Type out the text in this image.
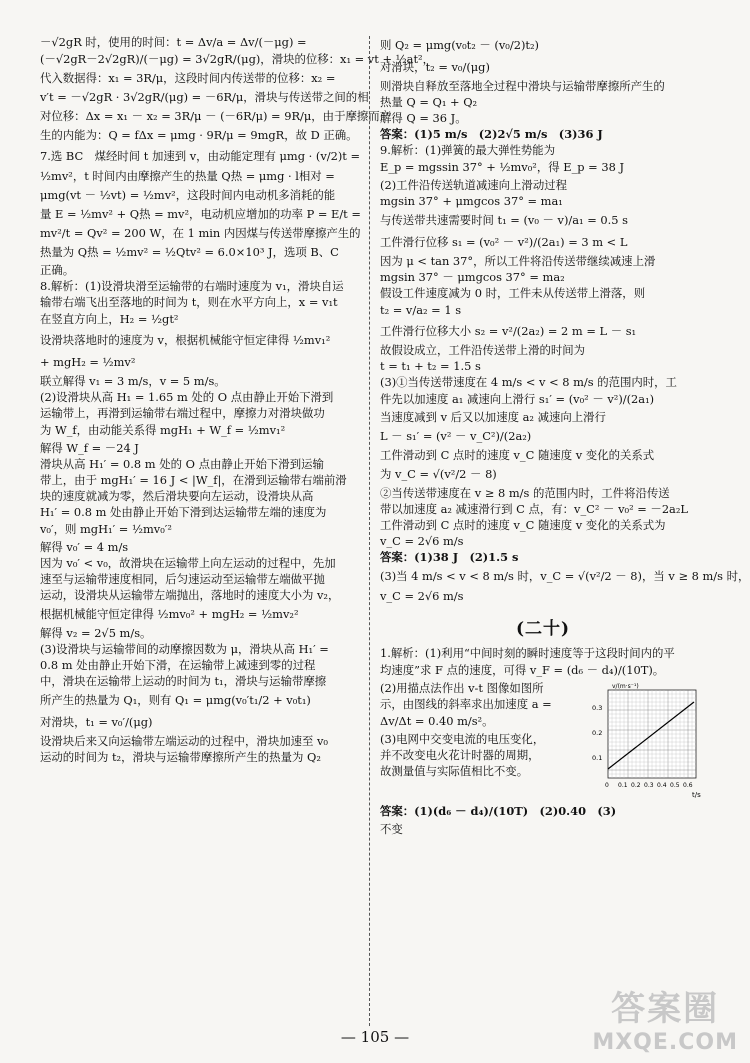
－√2gR 时，使用的时间：t = Δv/a = Δv/(－μg) =
(－√2gR－2√2gR)/(－μg) = 3√2gR/(μg)，滑块的位移：x₁ = vt + ½at²，
代入数据得：x₁ = 3R/μ，这段时间内传送带的位移：x₂ =
v′t = －√2gR · 3√2gR/(μg) = －6R/μ，滑块与传送带之间的相
对位移：Δx = x₁ － x₂ = 3R/μ － (－6R/μ) = 9R/μ，由于摩擦而产
生的内能为：Q = fΔx = μmg · 9R/μ = 9mgR，故 D 正确。
7.选 BC　煤经时间 t 加速到 v，由动能定理有 μmg · (v/2)t =
½mv²，t 时间内由摩擦产生的热量 Q热 = μmg · l相对 =
μmg(vt － ½vt) = ½mv²，这段时间内电动机多消耗的能
量 E = ½mv² + Q热 = mv²，电动机应增加的功率 P = E/t =
mv²/t = Qv² = 200 W，在 1 min 内因煤与传送带摩擦产生的
热量为 Q热 = ½mv² = ½Qtv² = 6.0×10³ J，选项 B、C
正确。
8.解析：(1)设滑块滑至运输带的右端时速度为 v₁，滑块自运
输带右端飞出至落地的时间为 t，则在水平方向上，x = v₁t
在竖直方向上，H₂ = ½gt²
设滑块落地时的速度为 v，根据机械能守恒定律得 ½mv₁²
+ mgH₂ = ½mv²
联立解得 v₁ = 3 m/s，v = 5 m/s。
(2)设滑块从高 H₁ = 1.65 m 处的 O 点由静止开始下滑到
运输带上，再滑到运输带右端过程中，摩擦力对滑块做功
为 W_f，由动能关系得 mgH₁ + W_f = ½mv₁²
解得 W_f = －24 J
滑块从高 H₁′ = 0.8 m 处的 O 点由静止开始下滑到运输
带上，由于 mgH₁′ = 16 J < |W_f|，在滑到运输带右端前滑
块的速度就减为零，然后滑块要向左运动，设滑块从高
H₁′ = 0.8 m 处由静止开始下滑到达运输带左端的速度为
v₀′，则 mgH₁′ = ½mv₀′²
解得 v₀′ = 4 m/s
因为 v₀′ < v₀，故滑块在运输带上向左运动的过程中，先加
速至与运输带速度相同，后匀速运动至运输带左端做平抛
运动，设滑块从运输带左端抛出，落地时的速度大小为 v₂，
根据机械能守恒定律得 ½mv₀² + mgH₂ = ½mv₂²
解得 v₂ = 2√5 m/s。
(3)设滑块与运输带间的动摩擦因数为 μ，滑块从高 H₁′ =
0.8 m 处由静止开始下滑，在运输带上减速到零的过程
中，滑块在运输带上运动的时间为 t₁，滑块与运输带摩擦
所产生的热量为 Q₁，则有 Q₁ = μmg(v₀′t₁/2 + v₀t₁)
对滑块，t₁ = v₀′/(μg)
设滑块后来又向运输带左端运动的过程中，滑块加速至 v₀
运动的时间为 t₂，滑块与运输带摩擦所产生的热量为 Q₂
则 Q₂ = μmg(v₀t₂ － (v₀/2)t₂)
对滑块，t₂ = v₀/(μg)
则滑块自释放至落地全过程中滑块与运输带摩擦所产生的
热量 Q = Q₁ + Q₂
解得 Q = 36 J。
答案：(1)5 m/s　(2)2√5 m/s　(3)36 J
9.解析：(1)弹簧的最大弹性势能为
E_p = mgssin 37° + ½mv₀²，得 E_p = 38 J
(2)工件沿传送轨道减速向上滑动过程
mgsin 37° + μmgcos 37° = ma₁
与传送带共速需要时间 t₁ = (v₀ － v)/a₁ = 0.5 s
工件滑行位移 s₁ = (v₀² － v²)/(2a₁) = 3 m < L
因为 μ < tan 37°，所以工件将沿传送带继续减速上滑
mgsin 37° － μmgcos 37° = ma₂
假设工件速度减为 0 时，工件未从传送带上滑落，则
t₂ = v/a₂ = 1 s
工件滑行位移大小 s₂ = v²/(2a₂) = 2 m = L － s₁
故假设成立，工件沿传送带上滑的时间为
t = t₁ + t₂ = 1.5 s
(3)①当传送带速度在 4 m/s < v < 8 m/s 的范围内时，工
件先以加速度 a₁ 减速向上滑行 s₁′ = (v₀² － v²)/(2a₁)
当速度减到 v 后又以加速度 a₂ 减速向上滑行
L － s₁′ = (v² － v_C²)/(2a₂)
工件滑动到 C 点时的速度 v_C 随速度 v 变化的关系式
为 v_C = √(v²/2 － 8)
②当传送带速度在 v ≥ 8 m/s 的范围内时，工件将沿传送
带以加速度 a₂ 减速滑行到 C 点，有：v_C² － v₀² = －2a₂L
工件滑动到 C 点时的速度 v_C 随速度 v 变化的关系式为
v_C = 2√6 m/s
答案：(1)38 J　(2)1.5 s
(3)当 4 m/s < v < 8 m/s 时，v_C = √(v²/2 － 8)，当 v ≥ 8 m/s 时，
v_C = 2√6 m/s
(二十)
1.解析：(1)利用“中间时刻的瞬时速度等于这段时间内的平
均速度”求 F 点的速度，可得 v_F = (d₆ － d₄)/(10T)。
(2)用描点法作出 v-t 图像如图所
示，由图线的斜率求出加速度 a =
Δv/Δt = 0.40 m/s²。
(3)电网中交变电流的电压变化，
并不改变电火花计时器的周期，
故测量值与实际值相比不变。
v/(m·s⁻¹)
t/s
0.3
0.2
0.1
0 0.1 0.2 0.3 0.4 0.5 0.6
答案：(1)(d₆ － d₄)/(10T)　(2)0.40　(3)
不变
— 105 —
答案圈
MXQE.COM
